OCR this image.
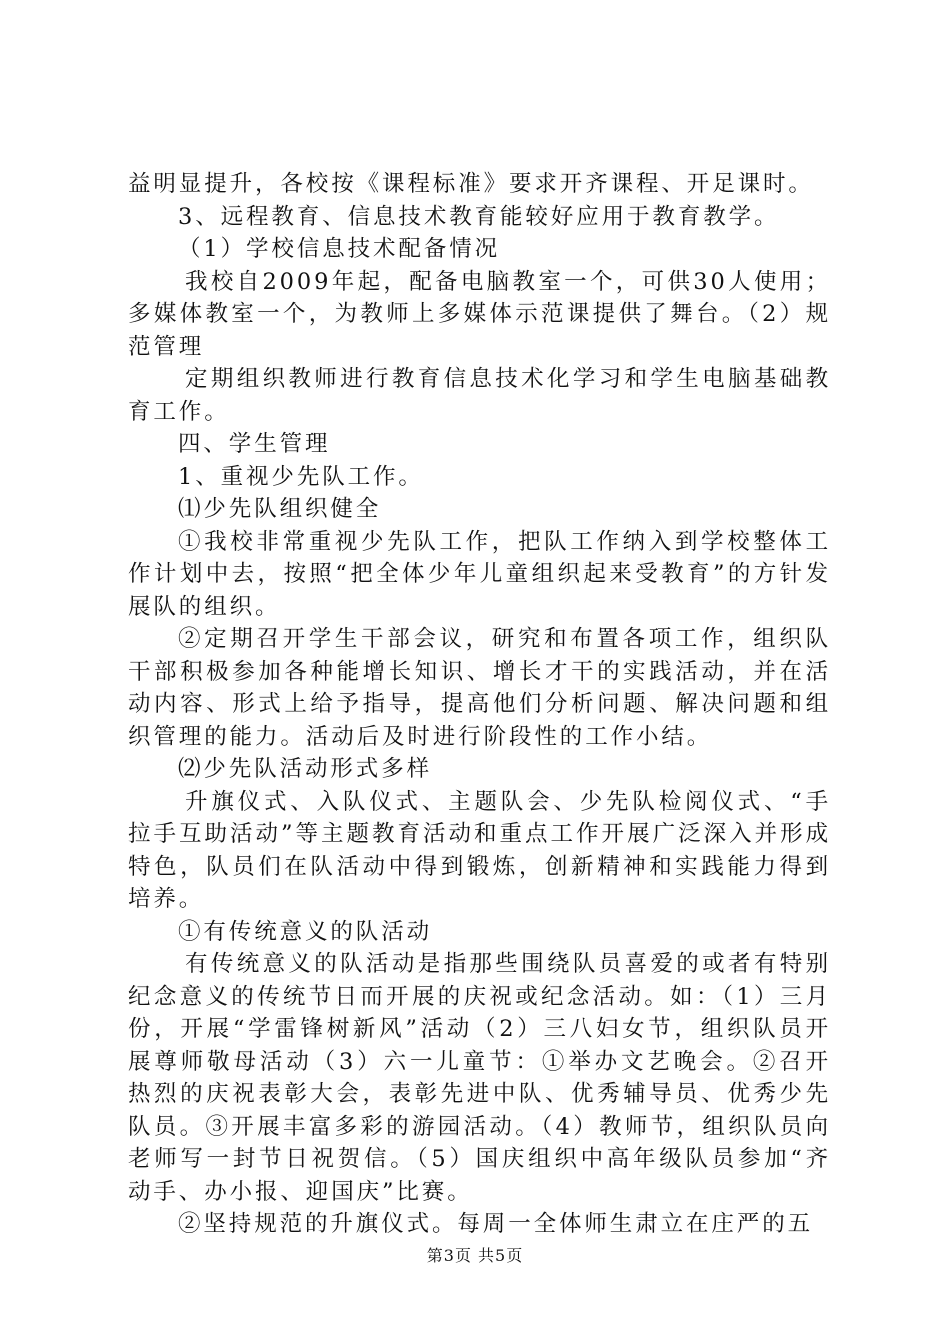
益明显提升，各校按《课程标准》要求开齐课程、开足课时。

3、远程教育、信息技术教育能较好应用于教育教学。

（1）学校信息技术配备情况

我校自2009年起，配备电脑教室一个，可供30人使用；多媒体教室一个，为教师上多媒体示范课提供了舞台。（2）规范管理

定期组织教师进行教育信息技术化学习和学生电脑基础教育工作。

四、学生管理

1、重视少先队工作。

⑴少先队组织健全

①我校非常重视少先队工作，把队工作纳入到学校整体工作计划中去，按照“把全体少年儿童组织起来受教育”的方针发展队的组织。

②定期召开学生干部会议，研究和布置各项工作，组织队干部积极参加各种能增长知识、增长才干的实践活动，并在活动内容、形式上给予指导，提高他们分析问题、解决问题和组织管理的能力。活动后及时进行阶段性的工作小结。

⑵少先队活动形式多样

升旗仪式、入队仪式、主题队会、少先队检阅仪式、“手拉手互助活动”等主题教育活动和重点工作开展广泛深入并形成特色，队员们在队活动中得到锻炼，创新精神和实践能力得到培养。

①有传统意义的队活动

有传统意义的队活动是指那些围绕队员喜爱的或者有特别纪念意义的传统节日而开展的庆祝或纪念活动。如：（1）三月份，开展“学雷锋树新风”活动（2）三八妇女节，组织队员开展尊师敬母活动（3）六一儿童节：①举办文艺晚会。②召开热烈的庆祝表彰大会，表彰先进中队、优秀辅导员、优秀少先队员。③开展丰富多彩的游园活动。（4）教师节，组织队员向老师写一封节日祝贺信。（5）国庆组织中高年级队员参加“齐动手、办小报、迎国庆”比赛。

②坚持规范的升旗仪式。每周一全体师生肃立在庄严的五

第3页 共5页
